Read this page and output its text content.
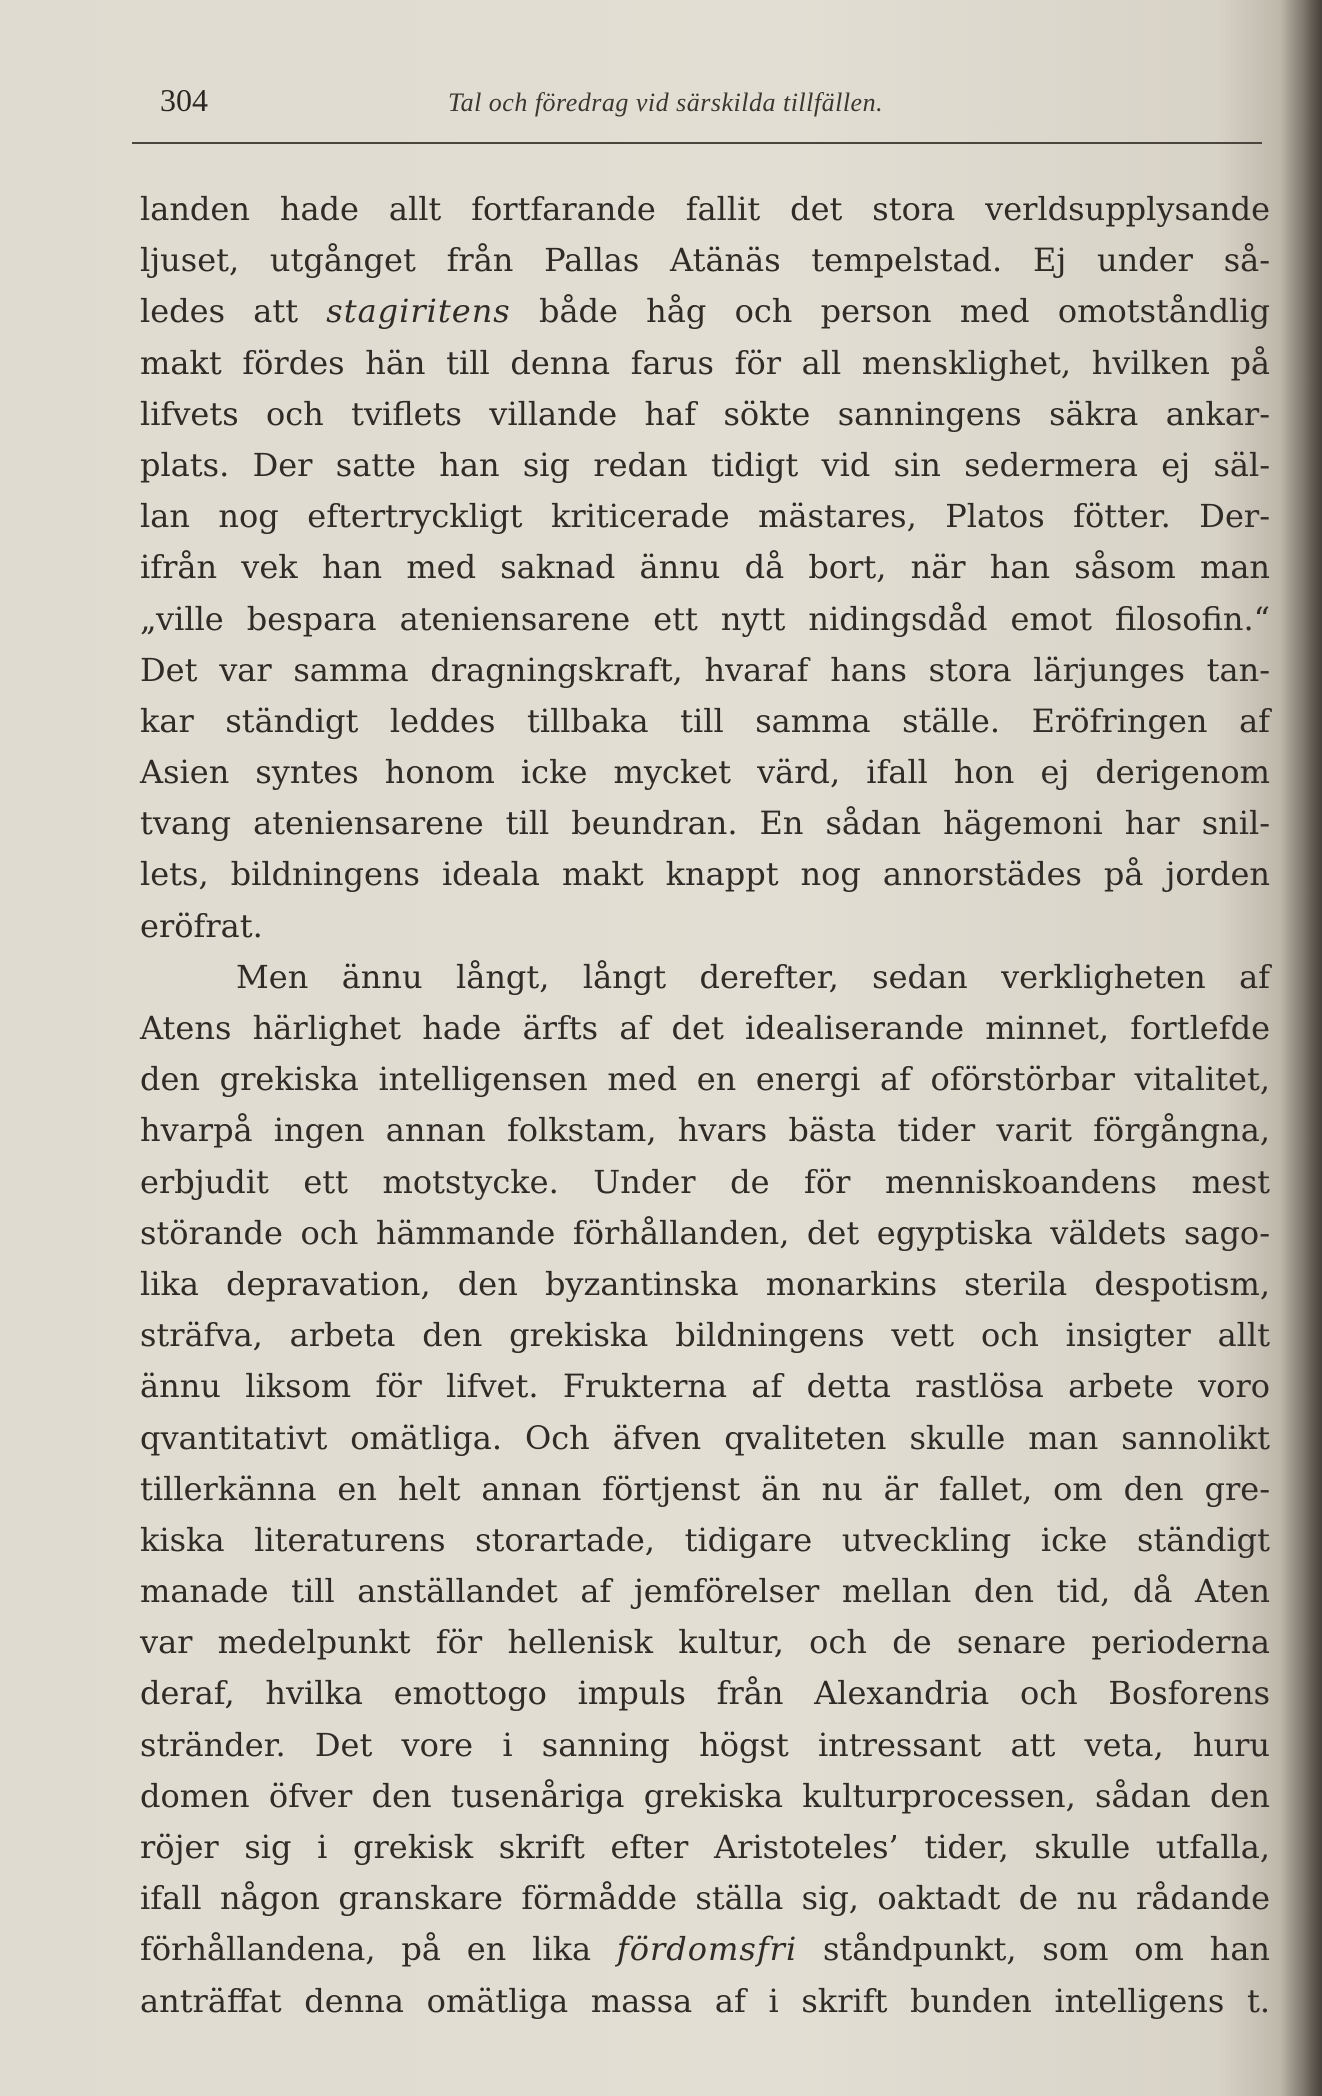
304	Tal och föredrag vid särskilda tillfällen.
landen hade allt fortfarande fallit det stora verldsupplysande
ljuset, utgånget från Pallas Atänäs tempelstad. Ej under så-
ledes att stagiritens både håg och person med omotståndlig
makt fördes hän till denna farus för all mensklighet, hvilken på
lifvets och tviflets villande haf sökte sanningens säkra ankar-
plats. Der satte han sig redan tidigt vid sin sedermera ej säl-
lan nog eftertryckligt kriticerade mästares, Platos fötter. Der-
ifrån vek han med saknad ännu då bort, när han såsom man
„ville bespara ateniensarene ett nytt nidingsdåd emot filosofin.“
Det var samma dragningskraft, hvaraf hans stora lärjunges tan-
kar ständigt leddes tillbaka till samma ställe. Eröfringen af
Asien syntes honom icke mycket värd, ifall hon ej derigenom
tvang ateniensarene till beundran. En sådan hägemoni har snil-
lets, bildningens ideala makt knappt nog annorstädes på jorden
eröfrat.
Men ännu långt, långt derefter, sedan verkligheten af
Atens härlighet hade ärfts af det idealiserande minnet, fortlefde
den grekiska intelligensen med en energi af oförstörbar vitalitet,
hvarpå ingen annan folkstam, hvars bästa tider varit förgångna,
erbjudit ett motstycke. Under de för menniskoandens mest
störande och hämmande förhållanden, det egyptiska väldets sago-
lika depravation, den byzantinska monarkins sterila despotism,
sträfva, arbeta den grekiska bildningens vett och insigter allt
ännu liksom för lifvet. Frukterna af detta rastlösa arbete voro
qvantitativt omätliga. Och äfven qvaliteten skulle man sannolikt
tillerkänna en helt annan förtjenst än nu är fallet, om den gre-
kiska literaturens storartade, tidigare utveckling icke ständigt
manade till anställandet af jemförelser mellan den tid, då Aten
var medelpunkt för hellenisk kultur, och de senare perioderna
deraf, hvilka emottogo impuls från Alexandria och Bosforens
stränder. Det vore i sanning högst intressant att veta, huru
domen öfver den tusenåriga grekiska kulturprocessen, sådan den
röjer sig i grekisk skrift efter Aristoteles’ tider, skulle utfalla,
ifall någon granskare förmådde ställa sig, oaktadt de nu rådande
förhållandena, på en lika fördomsfri ståndpunkt, som om han
anträffat denna omätliga massa af i skrift bunden intelligens t.
